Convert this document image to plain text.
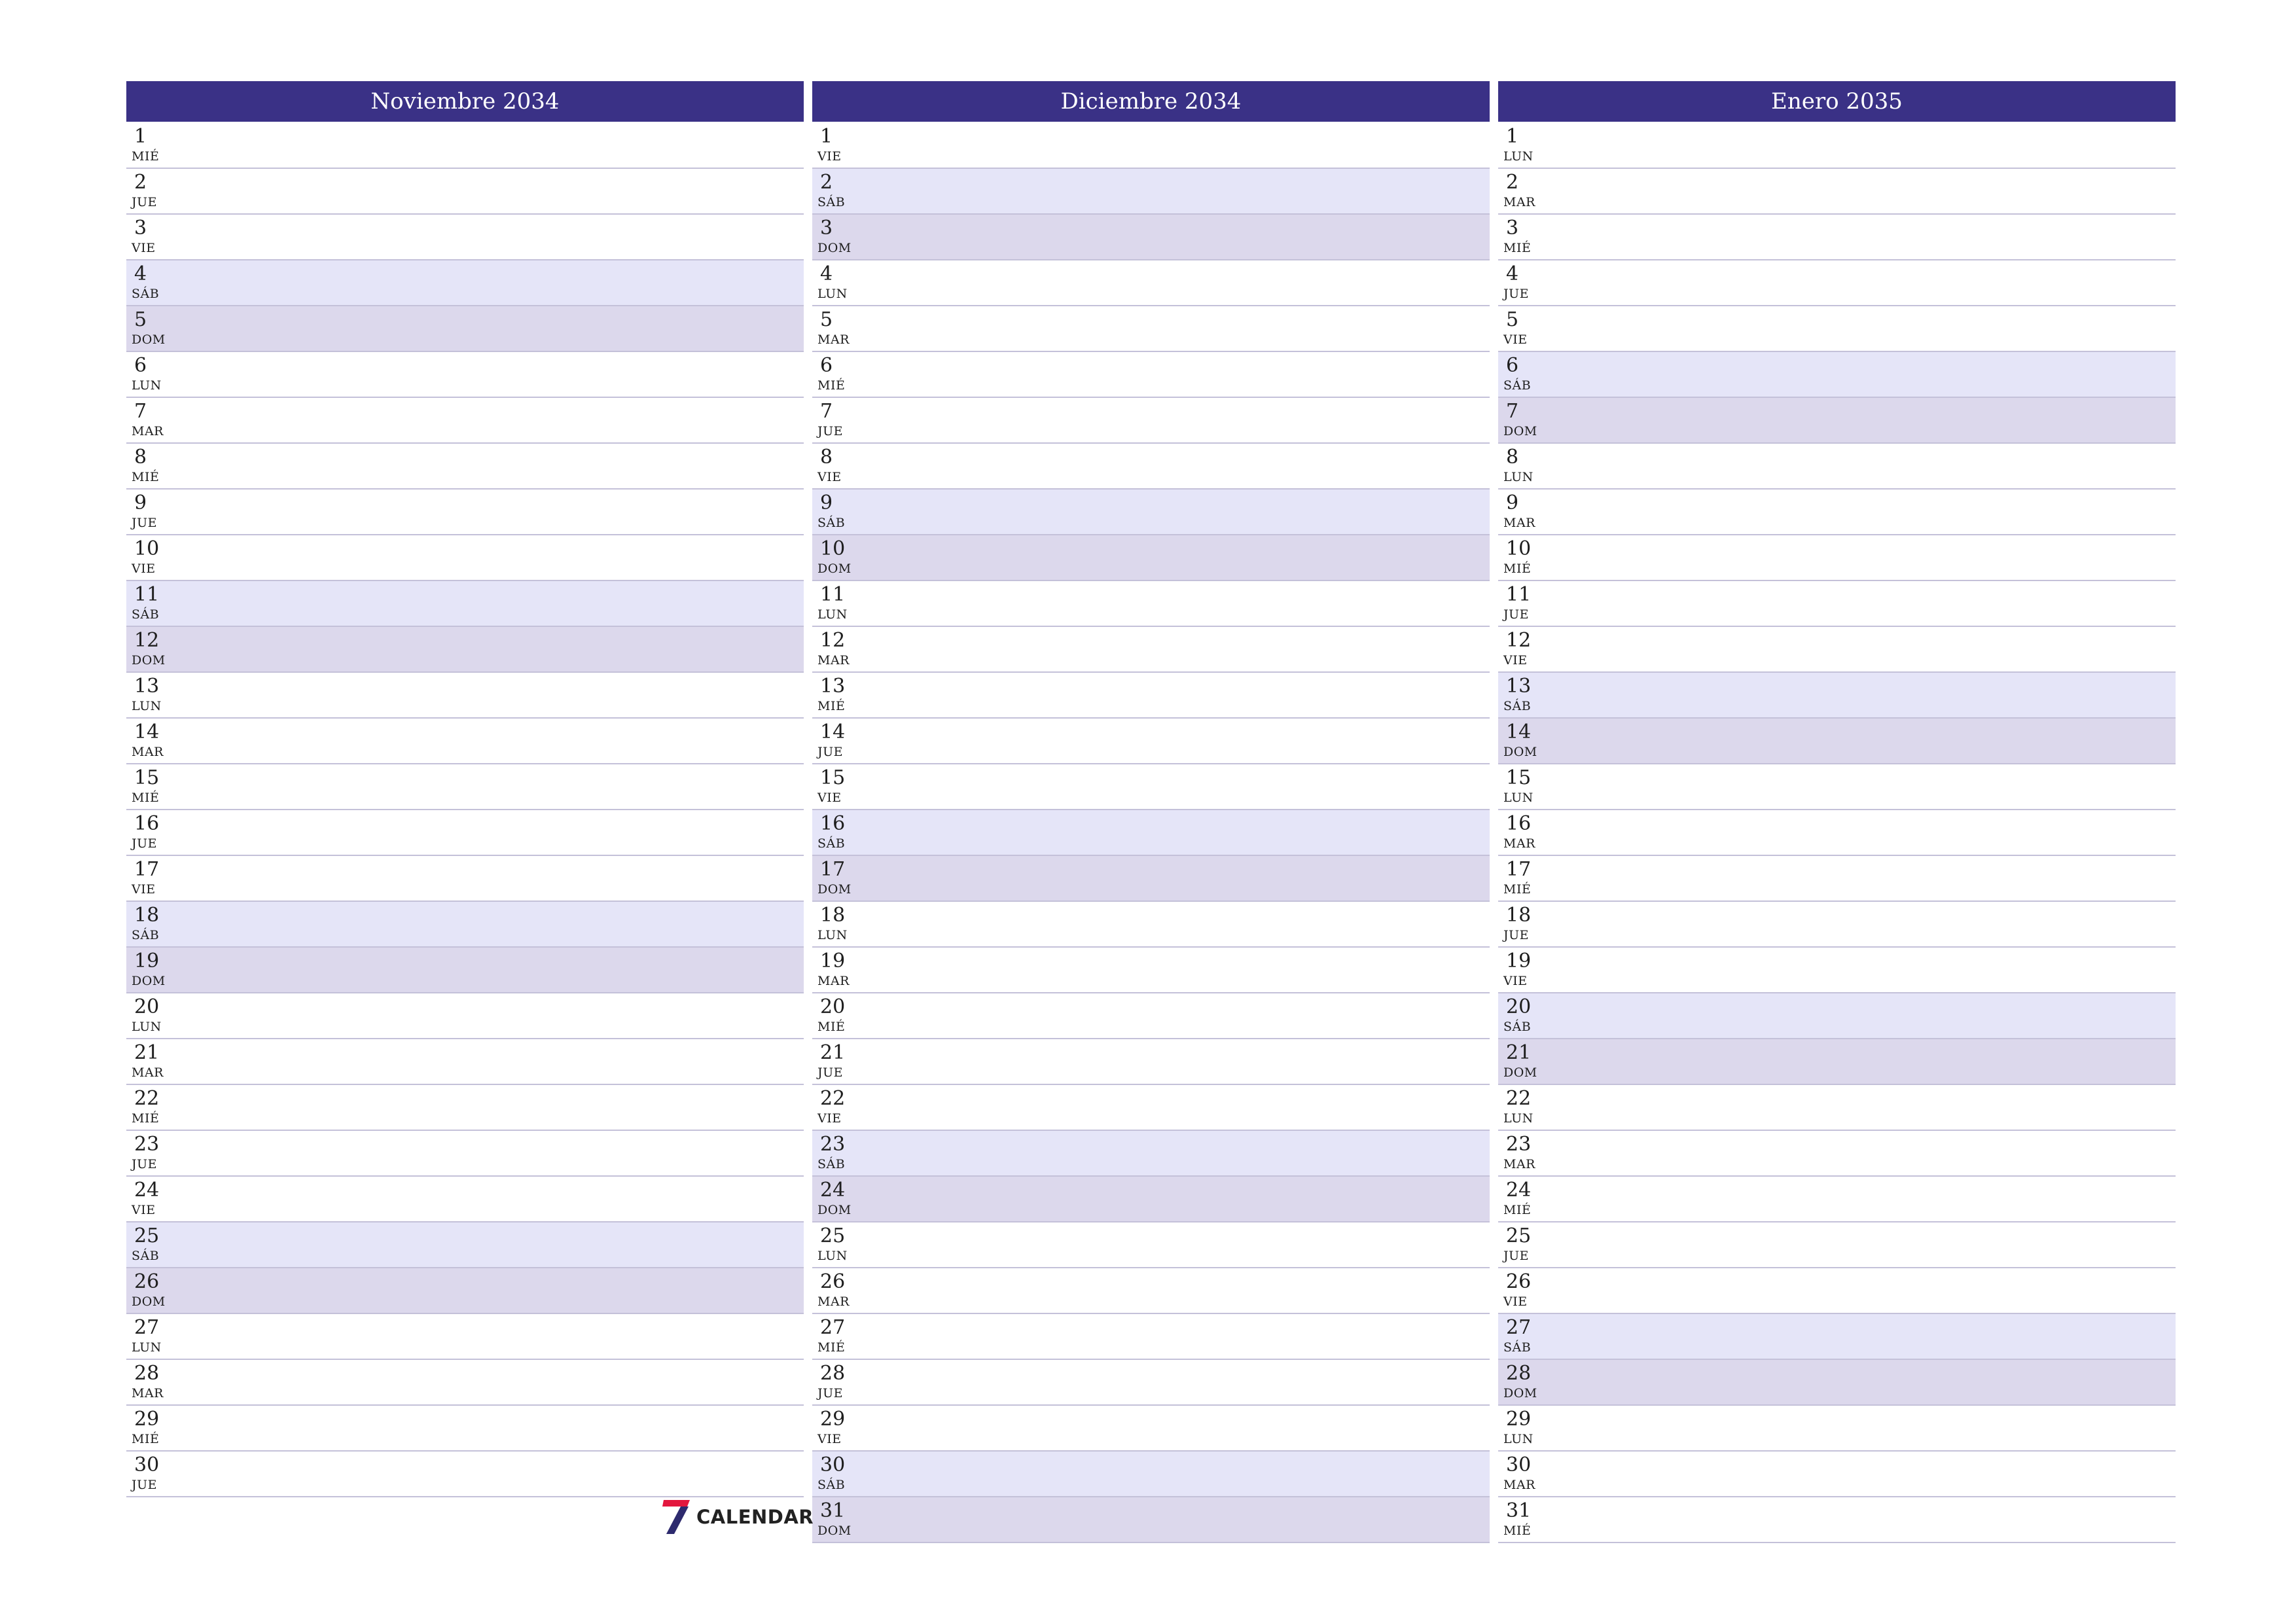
Noviembre 2034
1
MIÉ
2
JUE
3
VIE
4
SÁB
5
DOM
6
LUN
7
MAR
8
MIÉ
9
JUE
10
VIE
11
SÁB
12
DOM
13
LUN
14
MAR
15
MIÉ
16
JUE
17
VIE
18
SÁB
19
DOM
20
LUN
21
MAR
22
MIÉ
23
JUE
24
VIE
25
SÁB
26
DOM
27
LUN
28
MAR
29
MIÉ
30
JUE
Diciembre 2034
1
VIE
2
SÁB
3
DOM
4
LUN
5
MAR
6
MIÉ
7
JUE
8
VIE
9
SÁB
10
DOM
11
LUN
12
MAR
13
MIÉ
14
JUE
15
VIE
16
SÁB
17
DOM
18
LUN
19
MAR
20
MIÉ
21
JUE
22
VIE
23
SÁB
24
DOM
25
LUN
26
MAR
27
MIÉ
28
JUE
29
VIE
30
SÁB
31
DOM
Enero 2035
1
LUN
2
MAR
3
MIÉ
4
JUE
5
VIE
6
SÁB
7
DOM
8
LUN
9
MAR
10
MIÉ
11
JUE
12
VIE
13
SÁB
14
DOM
15
LUN
16
MAR
17
MIÉ
18
JUE
19
VIE
20
SÁB
21
DOM
22
LUN
23
MAR
24
MIÉ
25
JUE
26
VIE
27
SÁB
28
DOM
29
LUN
30
MAR
31
MIÉ
CALENDAR
